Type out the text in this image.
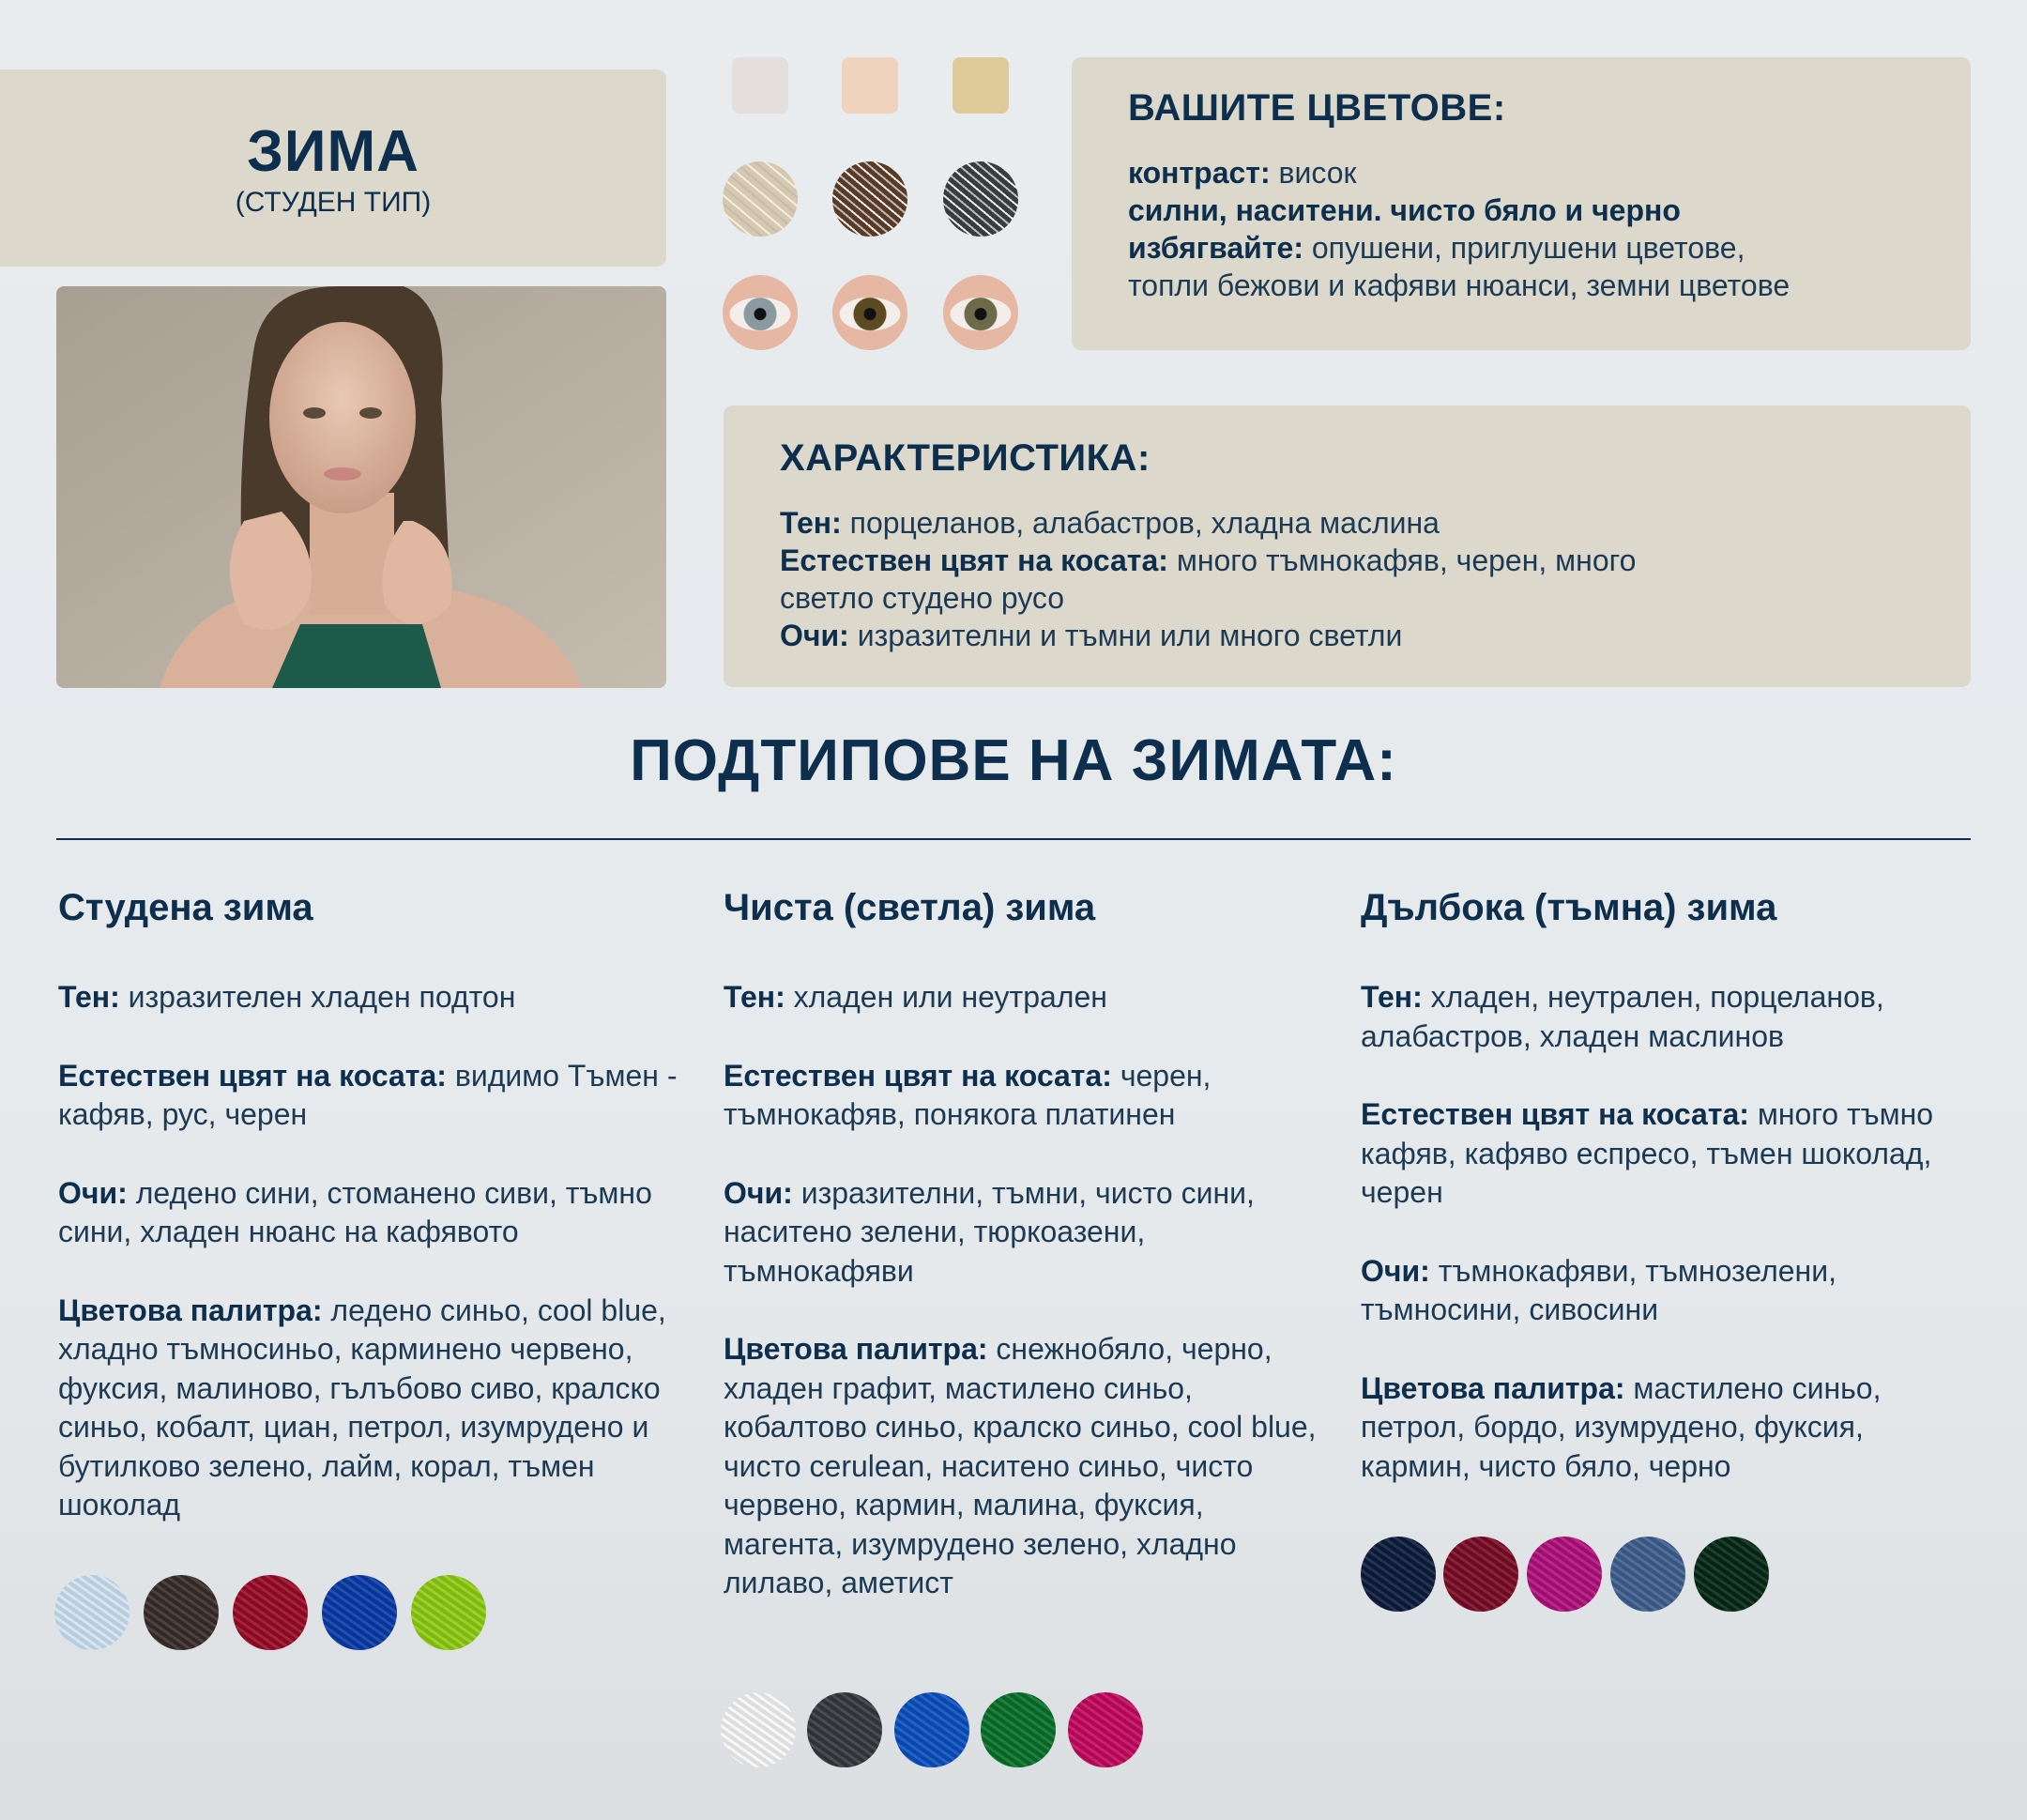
ЗИМА
(СТУДЕН ТИП)
ВАШИТЕ ЦВЕТОВЕ:
контраст: висок
силни, наситени. чисто бяло и черно
избягвайте: опушени, приглушени цветове,
топли бежови и кафяви нюанси, земни цветове
ХАРАКТЕРИСТИКА:
Тен: порцеланов, алабастров, хладна маслина
Естествен цвят на косата: много тъмнокафяв, черен, много
светло студено русо
Очи: изразителни и тъмни или много светли
ПОДТИПОВЕ НА ЗИМАТА:
Студена зима

Тен: изразителен хладен подтон

Естествен цвят на косата: видимо Тъмен - кафяв, рус, черен

Очи: ледено сини, стоманено сиви, тъмно сини, хладен нюанс на кафявото

Цветова палитра: ледено синьо, cool blue, хладно тъмносиньо, карминено червено, фуксия, малиново, гълъбово сиво, кралско синьо, кобалт, циан, петрол, изумрудено и бутилково зелено, лайм, корал, тъмен шоколад

Чиста (светла) зима

Тен: хладен или неутрален

Естествен цвят на косата: черен, тъмнокафяв, понякога платинен

Очи: изразителни, тъмни, чисто сини, наситено зелени, тюркоазени, тъмнокафяви

Цветова палитра: снежнобяло, черно, хладен графит, мастилено синьо, кобалтово синьо, кралско синьо, cool blue, чисто cerulean, наситено синьо, чисто червено, кармин, малина, фуксия, магента, изумрудено зелено, хладно лилаво, аметист

Дълбока (тъмна) зима

Тен: хладен, неутрален, порцеланов, алабастров, хладен маслинов

Естествен цвят на косата: много тъмно кафяв, кафяво еспресо, тъмен шоколад, черен

Очи: тъмнокафяви, тъмнозелени, тъмносини, сивосини

Цветова палитра: мастилено синьо, петрол, бордо, изумрудено, фуксия, кармин, чисто бяло, черно
